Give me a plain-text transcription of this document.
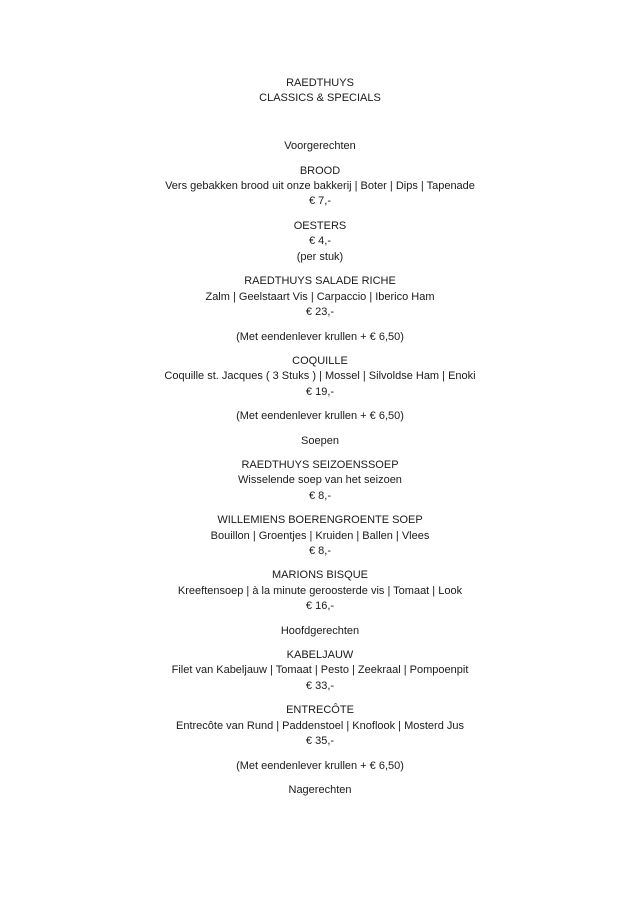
RAEDTHUYS
CLASSICS & SPECIALS
Voorgerechten
BROOD
Vers gebakken brood uit onze bakkerij | Boter | Dips | Tapenade
€ 7,-
OESTERS
€ 4,-
(per stuk)
RAEDTHUYS SALADE RICHE
Zalm | Geelstaart Vis | Carpaccio | Iberico Ham
€ 23,-
(Met eendenlever krullen + € 6,50)
COQUILLE
Coquille st. Jacques ( 3 Stuks ) | Mossel | Silvoldse Ham | Enoki
€ 19,-
(Met eendenlever krullen + € 6,50)
Soepen
RAEDTHUYS SEIZOENSSOEP
Wisselende soep van het seizoen
€ 8,-
WILLEMIENS BOERENGROENTE SOEP
Bouillon | Groentjes | Kruiden | Ballen | Vlees
€ 8,-
MARIONS BISQUE
Kreeftensoep | à la minute geroosterde vis | Tomaat | Look
€ 16,-
Hoofdgerechten
KABELJAUW
Filet van Kabeljauw | Tomaat | Pesto | Zeekraal | Pompoenpit
€ 33,-
ENTRECÔTE
Entrecôte van Rund | Paddenstoel | Knoflook | Mosterd Jus
€ 35,-
(Met eendenlever krullen + € 6,50)
Nagerechten
